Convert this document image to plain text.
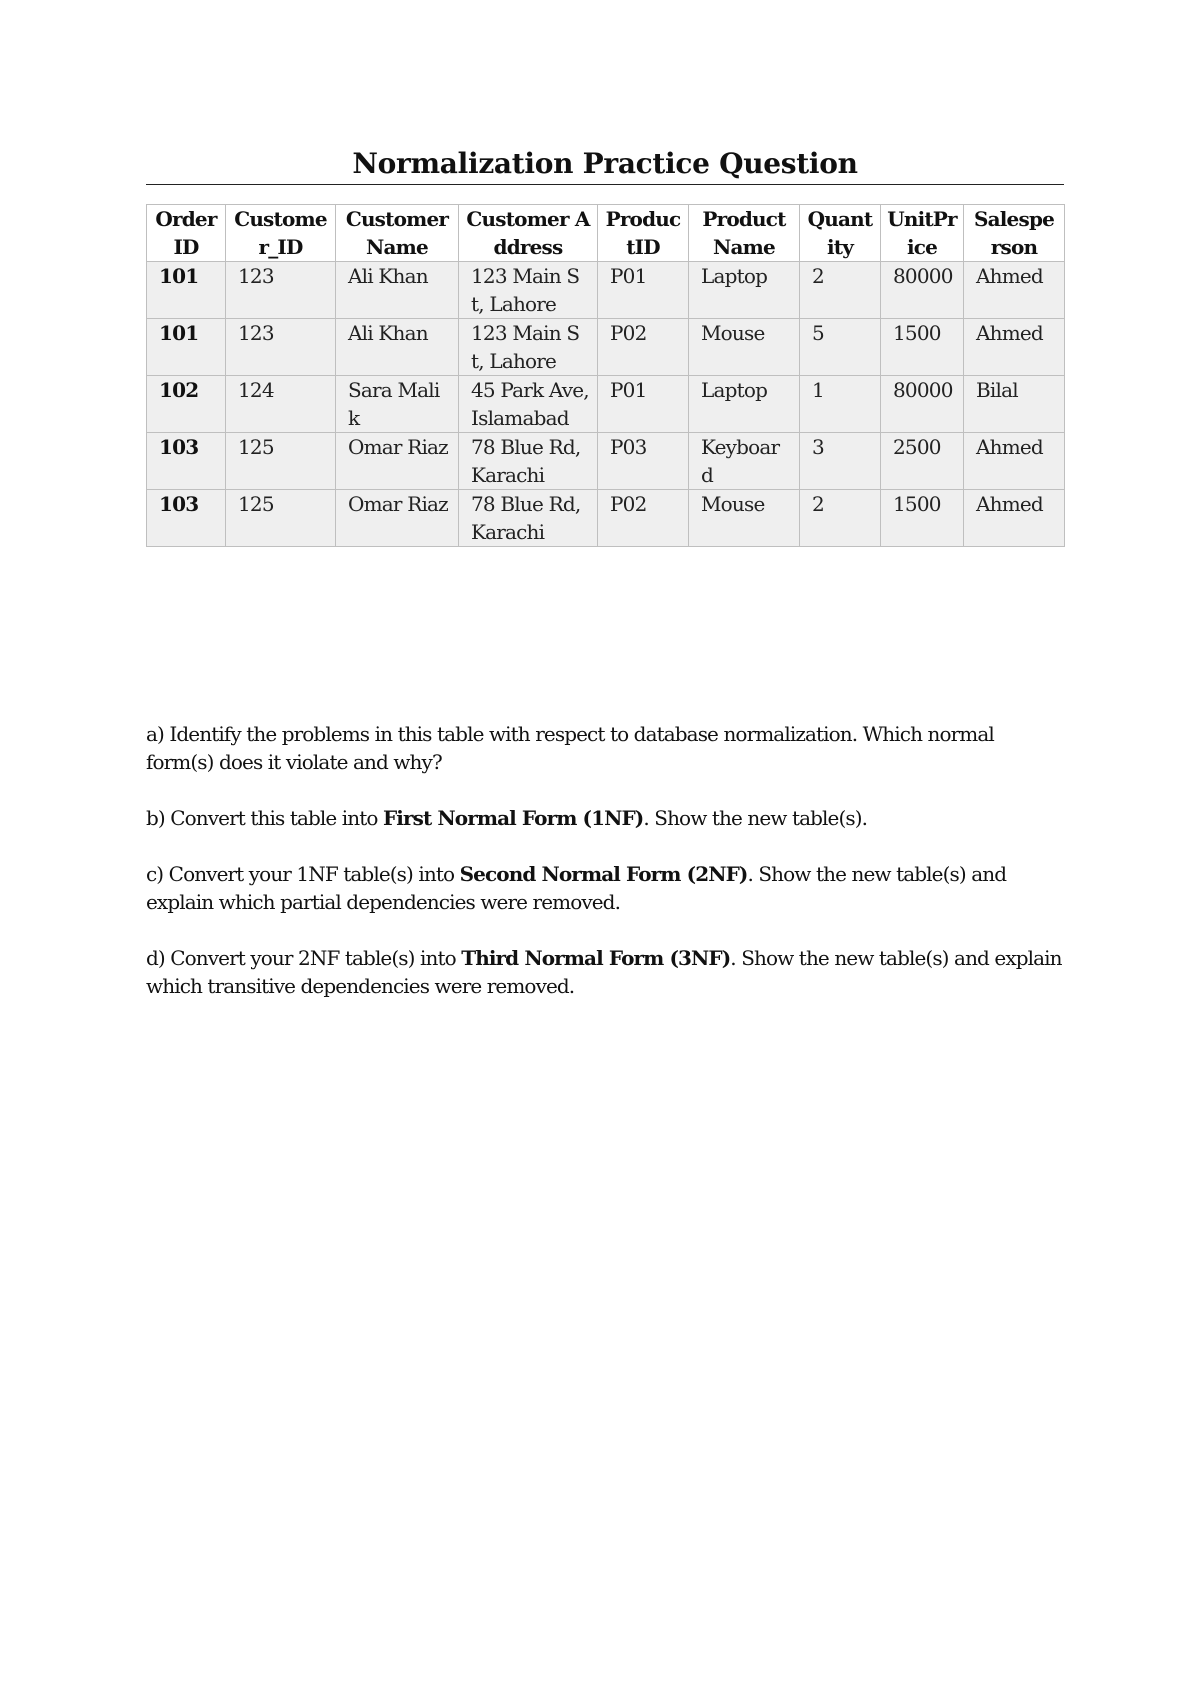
Normalization Practice Question
OrderID	Customer_ID	CustomerName	Customer Address	ProductID	Product Name	Quantity	UnitPrice	Salesperson
101	123	Ali Khan	123 Main St, Lahore	P01	Laptop	2	80000	Ahmed
101	123	Ali Khan	123 Main St, Lahore	P02	Mouse	5	1500	Ahmed
102	124	Sara Malik	45 Park Ave, Islamabad	P01	Laptop	1	80000	Bilal
103	125	Omar Riaz	78 Blue Rd, Karachi	P03	Keyboard	3	2500	Ahmed
103	125	Omar Riaz	78 Blue Rd, Karachi	P02	Mouse	2	1500	Ahmed

a) Identify the problems in this table with respect to database normalization. Which normal form(s) does it violate and why?

b) Convert this table into First Normal Form (1NF). Show the new table(s).

c) Convert your 1NF table(s) into Second Normal Form (2NF). Show the new table(s) and explain which partial dependencies were removed.

d) Convert your 2NF table(s) into Third Normal Form (3NF). Show the new table(s) and explain which transitive dependencies were removed.
